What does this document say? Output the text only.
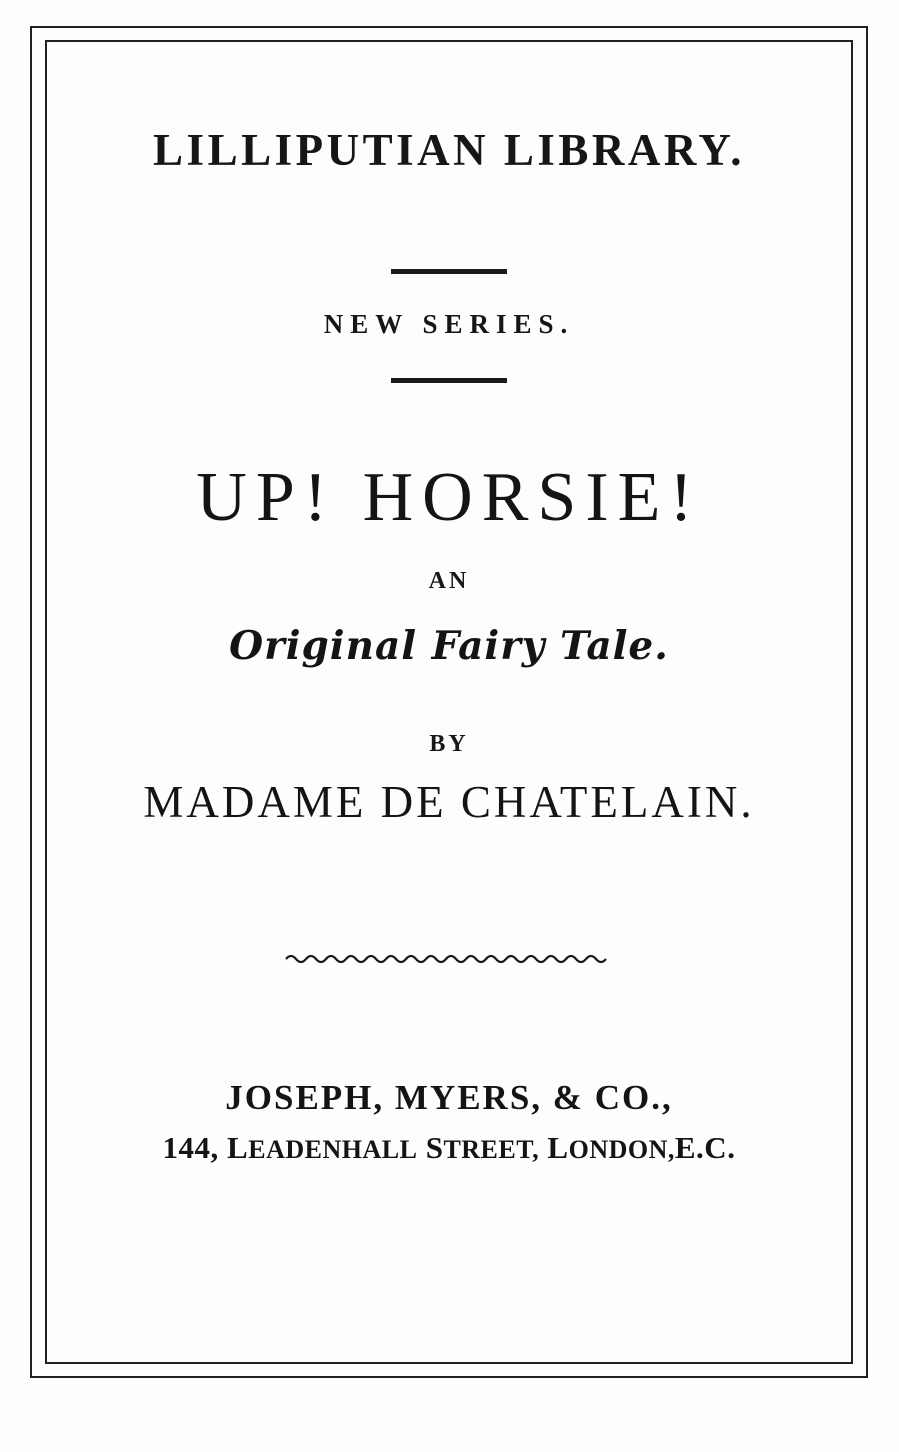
LILLIPUTIAN LIBRARY.
NEW SERIES.
UP! HORSIE!
AN
Original Fairy Tale.
BY
MADAME DE CHATELAIN.
JOSEPH, MYERS, & CO.,
144, LEADENHALL STREET, LONDON,E.C.
